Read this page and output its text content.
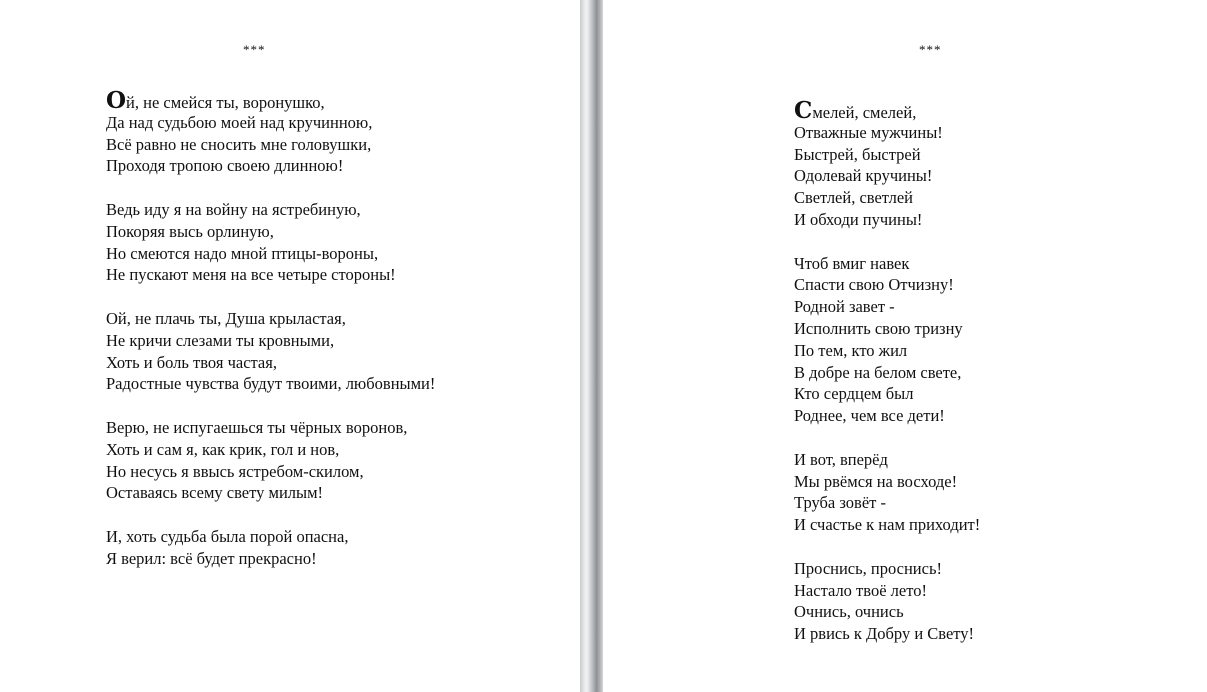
***
Ой, не смейся ты, воронушко,
Да над судьбою моей над кручинною,
Всё равно не сносить мне головушки,
Проходя тропою своею длинною!
Ведь иду я на войну на ястребиную,
Покоряя высь орлиную,
Но смеются надо мной птицы-вороны,
Не пускают меня на все четыре стороны!
Ой, не плачь ты, Душа крыластая,
Не кричи слезами ты кровными,
Хоть и боль твоя частая,
Радостные чувства будут твоими, любовными!
Верю, не испугаешься ты чёрных воронов,
Хоть и сам я, как крик, гол и нов,
Но несусь я ввысь ястребом-скилом,
Оставаясь всему свету милым!
И, хоть судьба была порой опасна,
Я верил: всё будет прекрасно!
***
Смелей, смелей,
Отважные мужчины!
Быстрей, быстрей
Одолевай кручины!
Светлей, светлей
И обходи пучины!
Чтоб вмиг навек
Спасти свою Отчизну!
Родной завет -
Исполнить свою тризну
По тем, кто жил
В добре на белом свете,
Кто сердцем был
Роднее, чем все дети!
И вот, вперёд
Мы рвёмся на восходе!
Труба зовёт -
И счастье к нам приходит!
Проснись, проснись!
Настало твоё лето!
Очнись, очнись
И рвись к Добру и Свету!
